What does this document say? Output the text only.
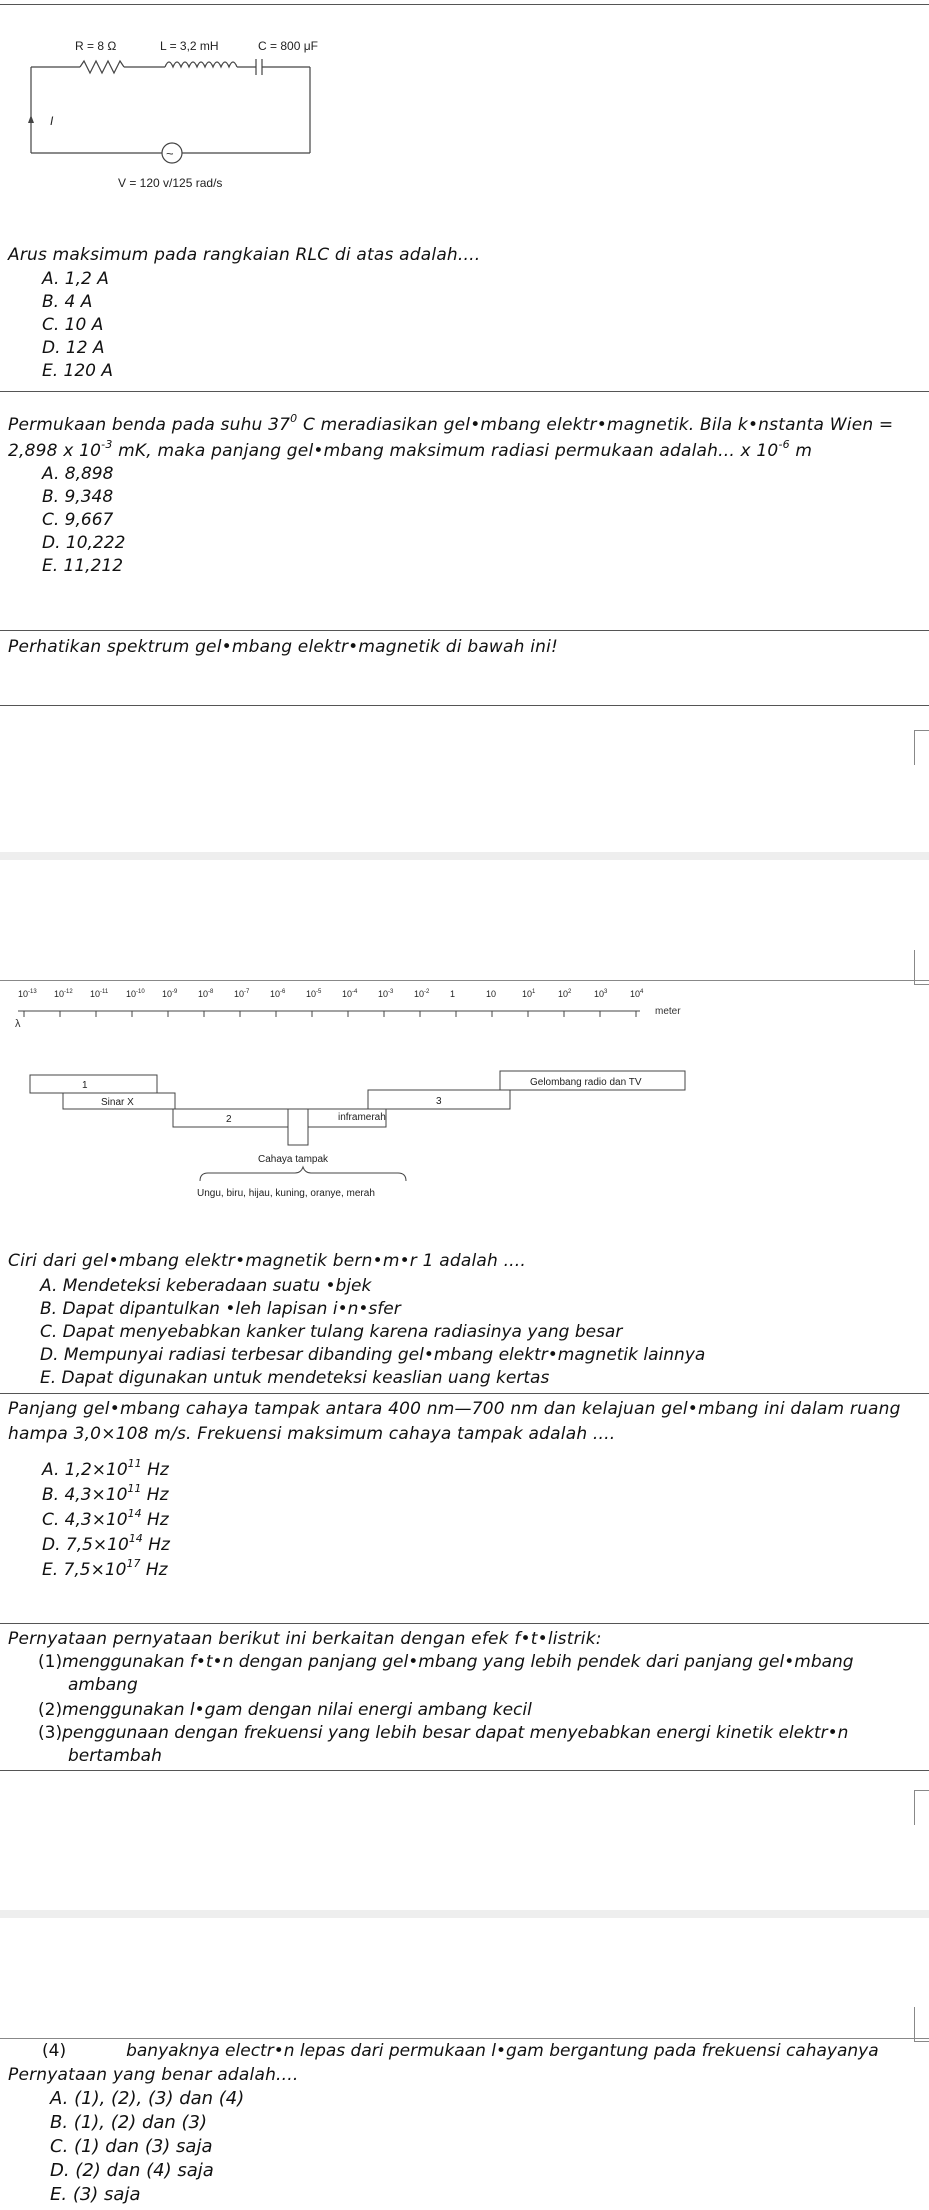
R = 8 Ω	L = 3,2 mH	C = 800 μF
~
I
V = 120 v/125 rad/s
Arus maksimum pada rangkaian RLC di atas adalah....
A. 1,2 A
B. 4 A
C. 10 A
D. 12 A
E. 120 A
Permukaan benda pada suhu $37^0$ C meradiasikan gel•mbang elektr•magnetik. Bila k•nstanta Wien = 2,898 x $10^{-3}$ mK, maka panjang gel•mbang maksimum radiasi permukaan adalah... x $10^{-6}$ m
A. 8,898
B. 9,348
C. 9,667
D. 10,222
E. 11,212
Perhatikan spektrum gel•mbang elektr•magnetik di bawah ini!
$10^{-13}$ $10^{-12}$ $10^{-11}$ $10^{-10}$ $10^{-9}$ $10^{-8}$ $10^{-7}$ $10^{-6}$ $10^{-5}$ $10^{-4}$ $10^{-3}$ $10^{-2}$ 1	10	$10^1$	$10^2$	$10^3$	$10^4$
meter
λ
1
Sinar X
2	inframerah
3
Gelombang radio dan TV
Cahaya tampak
Ungu, biru, hijau, kuning, oranye, merah
Ciri dari gel•mbang elektr•magnetik bern•m•r 1 adalah ....
A. Mendeteksi keberadaan suatu •bjek
B. Dapat dipantulkan •leh lapisan i•n•sfer
C. Dapat menyebabkan kanker tulang karena radiasinya yang besar
D. Mempunyai radiasi terbesar dibanding gel•mbang elektr•magnetik lainnya
E. Dapat digunakan untuk mendeteksi keaslian uang kertas
Panjang gel•mbang cahaya tampak antara 400 nm—700 nm dan kelajuan gel•mbang ini dalam ruang hampa 3,0×108 m/s. Frekuensi maksimum cahaya tampak adalah ....
A. $1,2\times 10^{11}$ Hz
B. $4,3\times 10^{11}$ Hz
C. $4,3\times 10^{14}$ Hz
D. $7,5\times 10^{14}$ Hz
E. $7,5\times 10^{17}$ Hz
Pernyataan pernyataan berikut ini berkaitan dengan efek f•t•listrik:
(1)menggunakan f•t•n dengan panjang gel•mbang yang lebih pendek dari panjang gel•mbang
ambang
(2)menggunakan l•gam dengan nilai energi ambang kecil
(3)penggunaan dengan frekuensi yang lebih besar dapat menyebabkan energi kinetik elektr•n
bertambah
(4)	banyaknya electr•n lepas dari permukaan l•gam bergantung pada frekuensi cahayanya
Pernyataan yang benar adalah....
A. (1), (2), (3) dan (4)
B. (1), (2) dan (3)
C. (1) dan (3) saja
D. (2) dan (4) saja
E. (3) saja
